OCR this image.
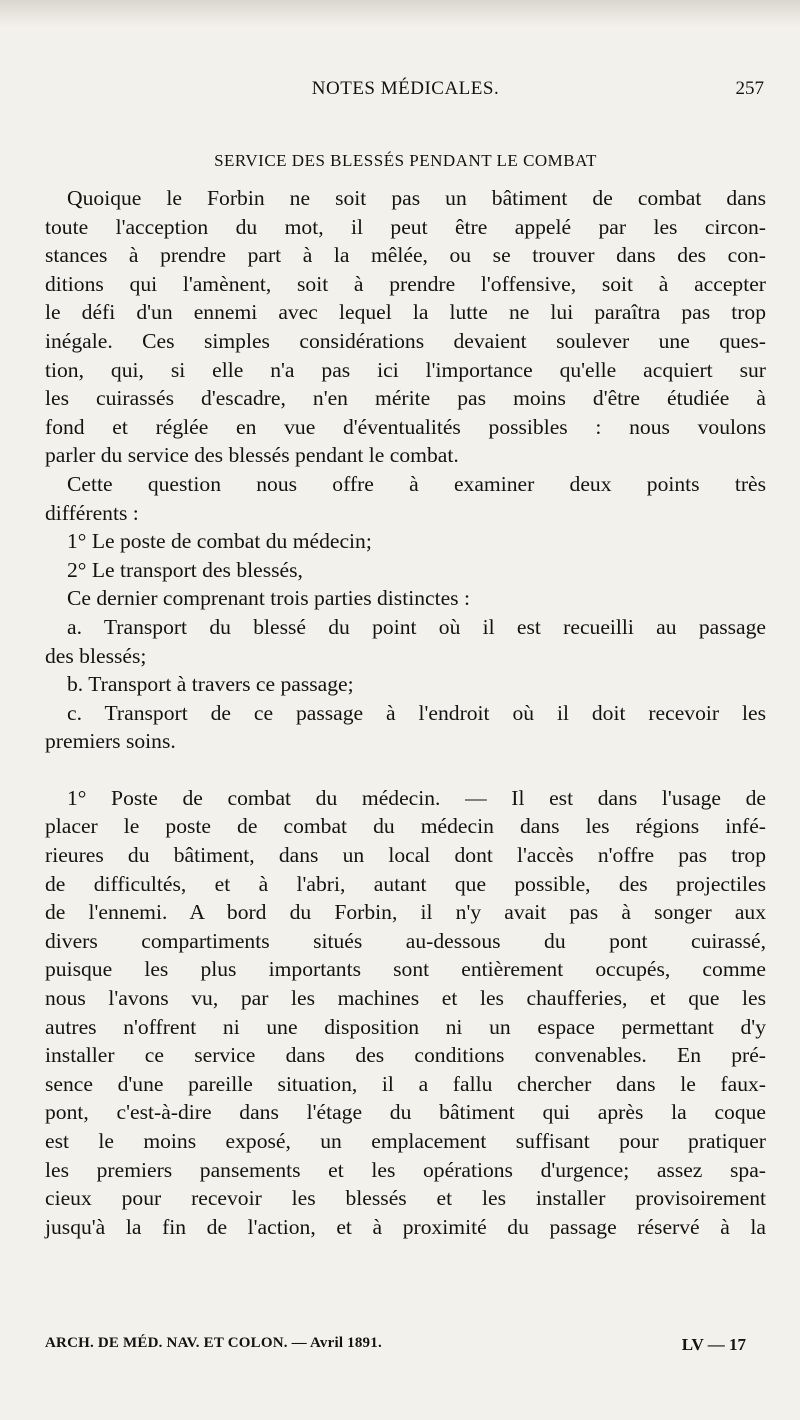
NOTES MÉDICALES.	257
SERVICE DES BLESSÉS PENDANT LE COMBAT

Quoique le Forbin ne soit pas un bâtiment de combat dans
toute l'acception du mot, il peut être appelé par les circon-
stances à prendre part à la mêlée, ou se trouver dans des con-
ditions qui l'amènent, soit à prendre l'offensive, soit à accepter
le défi d'un ennemi avec lequel la lutte ne lui paraîtra pas trop
inégale. Ces simples considérations devaient soulever une ques-
tion, qui, si elle n'a pas ici l'importance qu'elle acquiert sur
les cuirassés d'escadre, n'en mérite pas moins d'être étudiée à
fond et réglée en vue d'éventualités possibles : nous voulons
parler du service des blessés pendant le combat.

Cette question nous offre à examiner deux points très
différents :

1° Le poste de combat du médecin;

2° Le transport des blessés,

Ce dernier comprenant trois parties distinctes :

a. Transport du blessé du point où il est recueilli au passage
des blessés;

b. Transport à travers ce passage;

c. Transport de ce passage à l'endroit où il doit recevoir les
premiers soins.

1° Poste de combat du médecin. — Il est dans l'usage de
placer le poste de combat du médecin dans les régions infé-
rieures du bâtiment, dans un local dont l'accès n'offre pas trop
de difficultés, et à l'abri, autant que possible, des projectiles
de l'ennemi. A bord du Forbin, il n'y avait pas à songer aux
divers compartiments situés au-dessous du pont cuirassé,
puisque les plus importants sont entièrement occupés, comme
nous l'avons vu, par les machines et les chaufferies, et que les
autres n'offrent ni une disposition ni un espace permettant d'y
installer ce service dans des conditions convenables. En pré-
sence d'une pareille situation, il a fallu chercher dans le faux-
pont, c'est-à-dire dans l'étage du bâtiment qui après la coque
est le moins exposé, un emplacement suffisant pour pratiquer
les premiers pansements et les opérations d'urgence; assez spa-
cieux pour recevoir les blessés et les installer provisoirement
jusqu'à la fin de l'action, et à proximité du passage réservé à la

ARCH. DE MÉD. NAV. ET COLON. — Avril 1891.	LV — 17
